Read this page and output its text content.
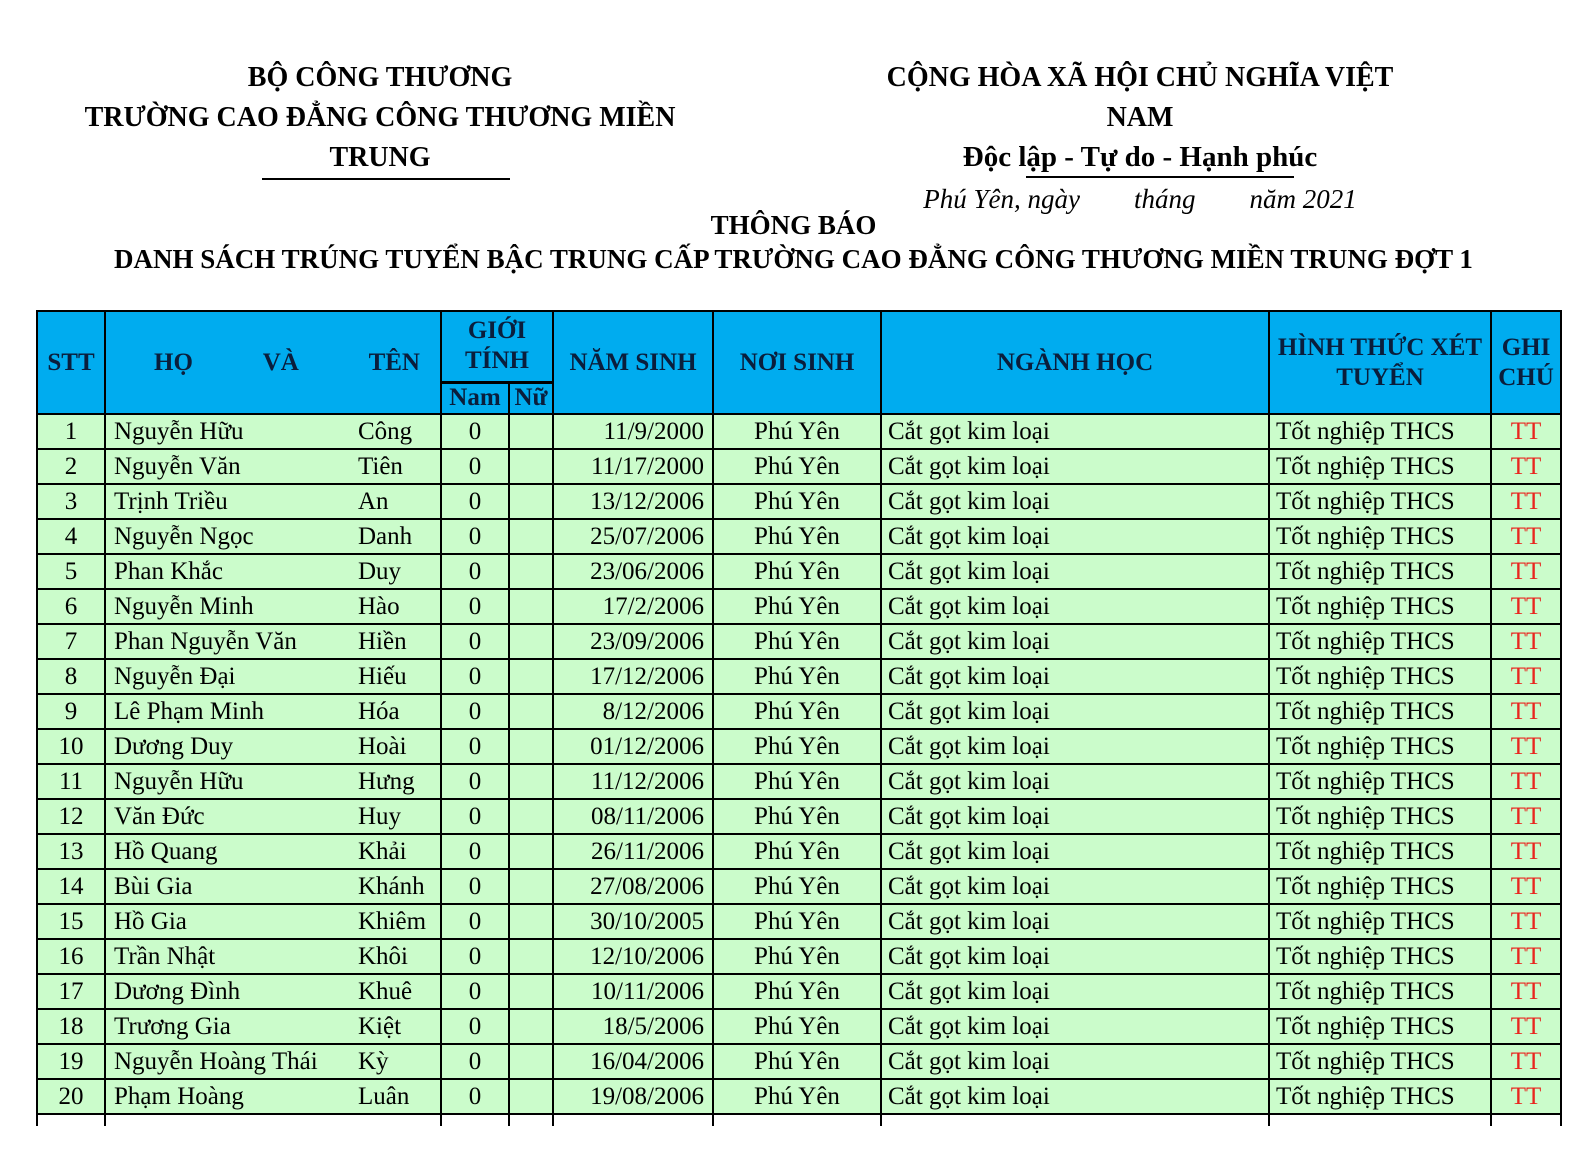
BỘ CÔNG THƯƠNG
TRƯỜNG CAO ĐẲNG CÔNG THƯƠNG MIỀN TRUNG
CỘNG HÒA XÃ HỘI CHỦ NGHĨA VIỆT NAM
Độc lập - Tự do - Hạnh phúc
Phú Yên, ngày tháng năm 2021
THÔNG BÁO
DANH SÁCH TRÚNG TUYỂN BẬC TRUNG CẤP TRƯỜNG CAO ĐẲNG CÔNG THƯƠNG MIỀN TRUNG ĐỢT 1
STT	HỌ VÀ TÊN	GIỚI TÍNH		NĂM SINH	NƠI SINH	NGÀNH HỌC	HÌNH THỨC XÉT TUYỂN	GHI CHÚ
		Nam	Nữ					
1	Nguyễn Hữu Công	0		11/9/2000	Phú Yên	Cắt gọt kim loại	Tốt nghiệp THCS	TT
2	Nguyễn Văn Tiên	0		11/17/2000	Phú Yên	Cắt gọt kim loại	Tốt nghiệp THCS	TT
3	Trịnh Triều An	0		13/12/2006	Phú Yên	Cắt gọt kim loại	Tốt nghiệp THCS	TT
4	Nguyễn Ngọc Danh	0		25/07/2006	Phú Yên	Cắt gọt kim loại	Tốt nghiệp THCS	TT
5	Phan Khắc Duy	0		23/06/2006	Phú Yên	Cắt gọt kim loại	Tốt nghiệp THCS	TT
6	Nguyễn Minh Hào	0		17/2/2006	Phú Yên	Cắt gọt kim loại	Tốt nghiệp THCS	TT
7	Phan Nguyễn Văn Hiền	0		23/09/2006	Phú Yên	Cắt gọt kim loại	Tốt nghiệp THCS	TT
8	Nguyễn Đại Hiếu	0		17/12/2006	Phú Yên	Cắt gọt kim loại	Tốt nghiệp THCS	TT
9	Lê Phạm Minh Hóa	0		8/12/2006	Phú Yên	Cắt gọt kim loại	Tốt nghiệp THCS	TT
10	Dương Duy Hoài	0		01/12/2006	Phú Yên	Cắt gọt kim loại	Tốt nghiệp THCS	TT
11	Nguyễn Hữu Hưng	0		11/12/2006	Phú Yên	Cắt gọt kim loại	Tốt nghiệp THCS	TT
12	Văn Đức Huy	0		08/11/2006	Phú Yên	Cắt gọt kim loại	Tốt nghiệp THCS	TT
13	Hồ Quang Khải	0		26/11/2006	Phú Yên	Cắt gọt kim loại	Tốt nghiệp THCS	TT
14	Bùi Gia Khánh	0		27/08/2006	Phú Yên	Cắt gọt kim loại	Tốt nghiệp THCS	TT
15	Hồ Gia Khiêm	0		30/10/2005	Phú Yên	Cắt gọt kim loại	Tốt nghiệp THCS	TT
16	Trần Nhật Khôi	0		12/10/2006	Phú Yên	Cắt gọt kim loại	Tốt nghiệp THCS	TT
17	Dương Đình Khuê	0		10/11/2006	Phú Yên	Cắt gọt kim loại	Tốt nghiệp THCS	TT
18	Trương Gia Kiệt	0		18/5/2006	Phú Yên	Cắt gọt kim loại	Tốt nghiệp THCS	TT
19	Nguyễn Hoàng Thái Kỳ	0		16/04/2006	Phú Yên	Cắt gọt kim loại	Tốt nghiệp THCS	TT
20	Phạm Hoàng Luân	0		19/08/2006	Phú Yên	Cắt gọt kim loại	Tốt nghiệp THCS	TT
